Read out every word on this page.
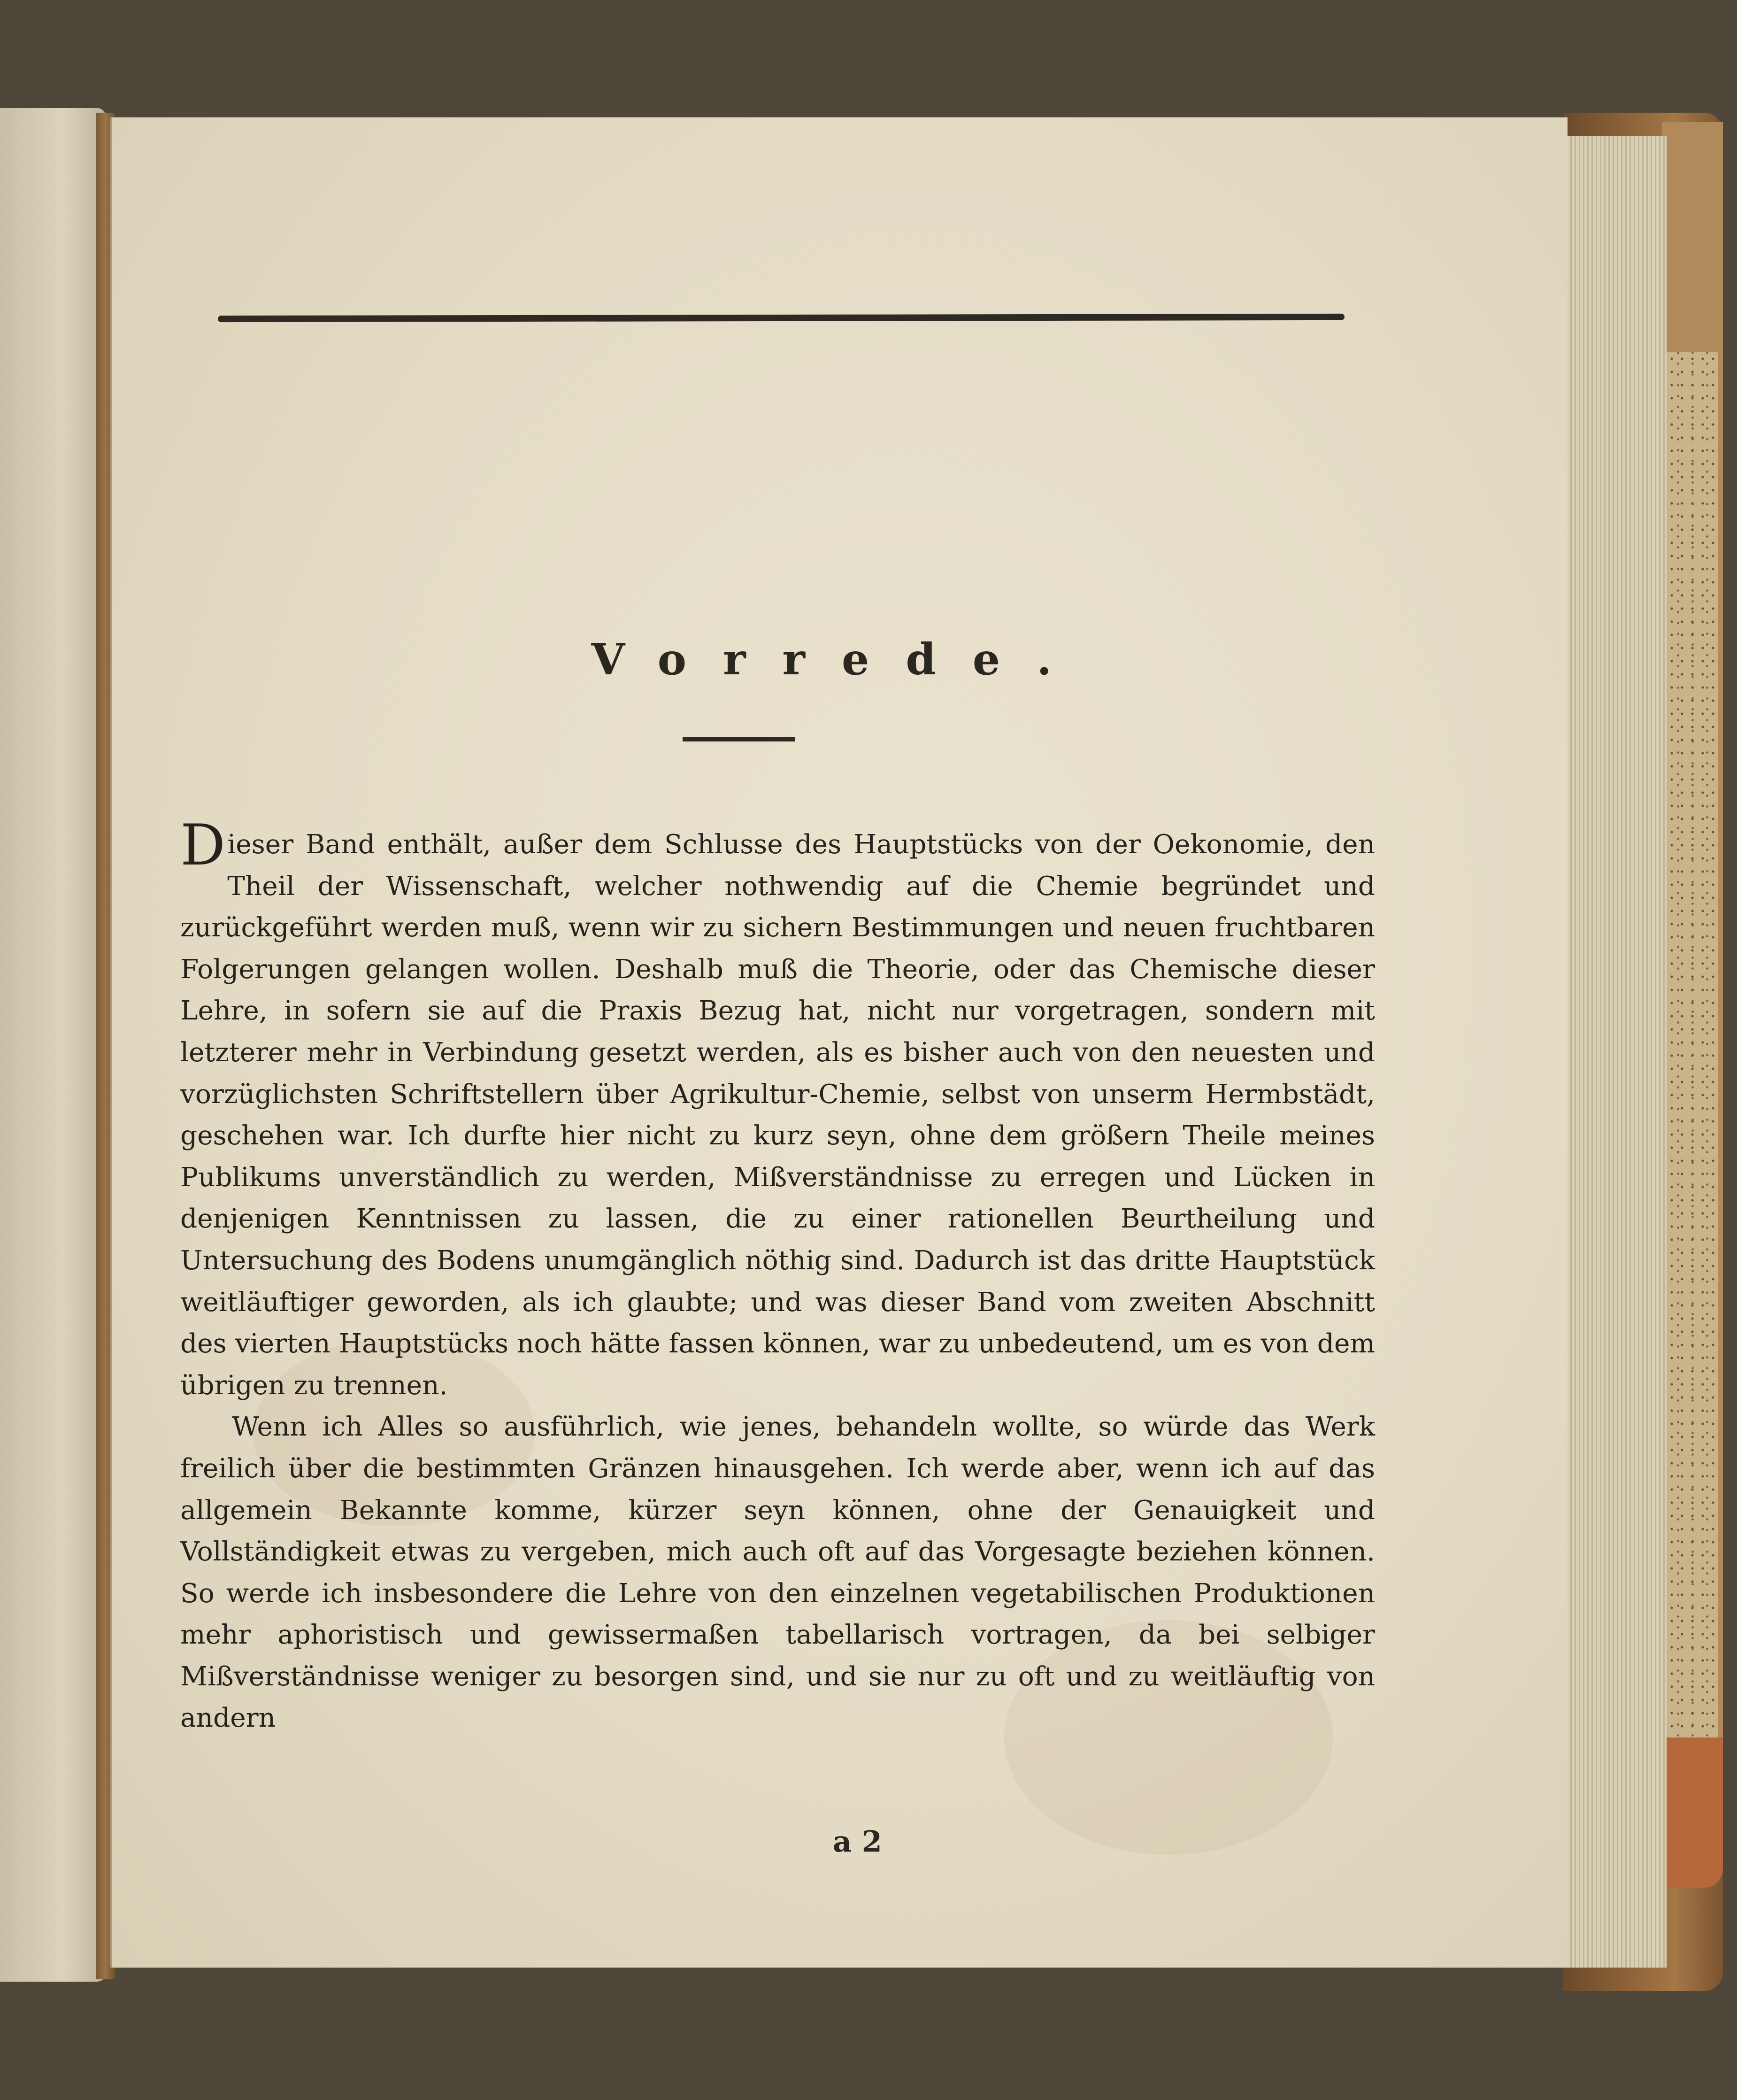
Vorrede.

Dieser Band enthält, außer dem Schlusse des Hauptstücks von der Oekonomie, den Theil der Wissenschaft, welcher nothwendig auf die Chemie begründet und zurückgeführt werden muß, wenn wir zu sichern Bestimmungen und neuen fruchtbaren Folgerungen gelangen wollen. Deshalb muß die Theorie, oder das Chemische dieser Lehre, in sofern sie auf die Praxis Bezug hat, nicht nur vorgetragen, sondern mit letzterer mehr in Verbindung gesetzt werden, als es bisher auch von den neuesten und vorzüglichsten Schriftstellern über Agrikultur-Chemie, selbst von unserm Hermbstädt, geschehen war. Ich durfte hier nicht zu kurz seyn, ohne dem größern Theile meines Publikums unverständlich zu werden, Mißverständnisse zu erregen und Lücken in denjenigen Kenntnissen zu lassen, die zu einer rationellen Beurtheilung und Untersuchung des Bodens unumgänglich nöthig sind. Dadurch ist das dritte Hauptstück weitläuftiger geworden, als ich glaubte; und was dieser Band vom zweiten Abschnitt des vierten Hauptstücks noch hätte fassen können, war zu unbedeutend, um es von dem übrigen zu trennen.

Wenn ich Alles so ausführlich, wie jenes, behandeln wollte, so würde das Werk freilich über die bestimmten Gränzen hinausgehen. Ich werde aber, wenn ich auf das allgemein Bekannte komme, kürzer seyn können, ohne der Genauigkeit und Vollständigkeit etwas zu vergeben, mich auch oft auf das Vorgesagte beziehen können. So werde ich insbesondere die Lehre von den einzelnen vegetabilischen Produktionen mehr aphoristisch und gewissermaßen tabellarisch vortragen, da bei selbiger Mißverständnisse weniger zu besorgen sind, und sie nur zu oft und zu weitläuftig von andern

a 2
